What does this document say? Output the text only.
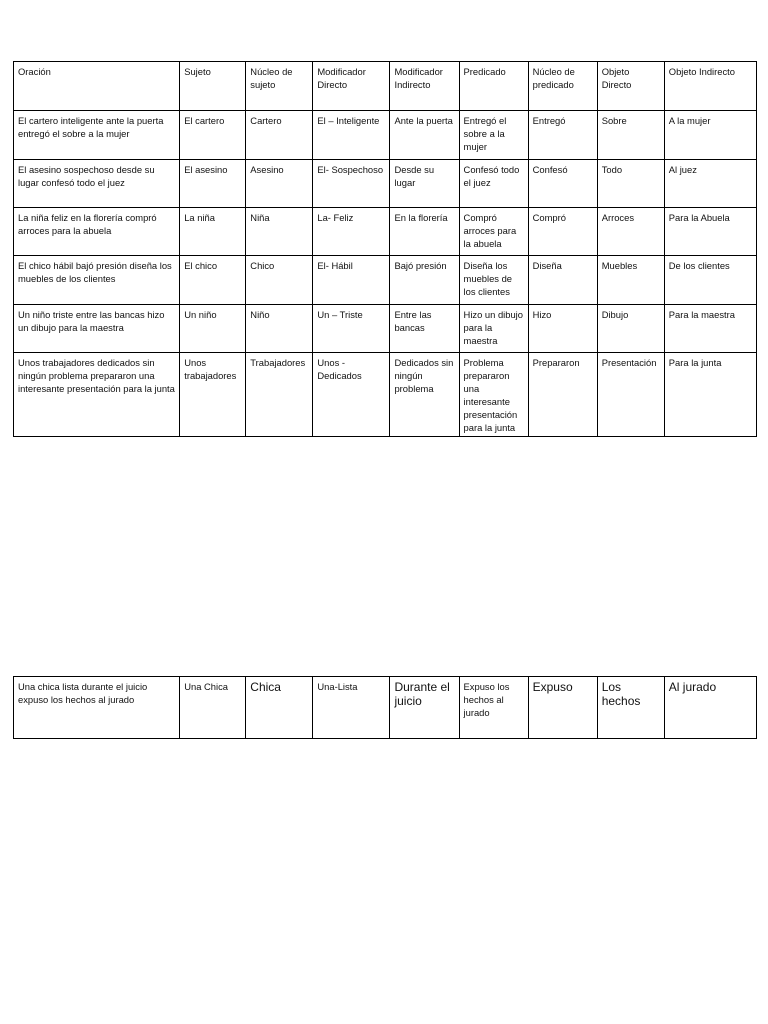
Oración	Sujeto	Núcleo de sujeto	Modificador Directo	Modificador Indirecto	Predicado	Núcleo de predicado	Objeto Directo	Objeto Indirecto
El cartero inteligente ante la puerta entregó el sobre a la mujer	El cartero	Cartero	El – Inteligente	Ante la puerta	Entregó el sobre a la mujer	Entregó	Sobre	A la mujer
El asesino sospechoso desde su lugar confesó todo el juez	El asesino	Asesino	El- Sospechoso	Desde su lugar	Confesó todo el juez	Confesó	Todo	Al juez
La niña feliz en la florería compró arroces para la abuela	La niña	Niña	La- Feliz	En la florería	Compró arroces para la abuela	Compró	Arroces	Para la Abuela
El chico hábil bajó presión diseña los muebles de los clientes	El chico	Chico	El- Hábil	Bajó presión	Diseña los muebles de los clientes	Diseña	Muebles	De los clientes
Un niño triste entre las bancas hizo un dibujo para la maestra	Un niño	Niño	Un – Triste	Entre las bancas	Hizo un dibujo para la maestra	Hizo	Dibujo	Para la maestra
Unos trabajadores dedicados sin ningún problema prepararon una interesante presentación para la junta	Unos trabajadores	Trabajadores	Unos - Dedicados	Dedicados sin ningún problema	Problema prepararon una interesante presentación para la junta	Prepararon	Presentación	Para la junta
Una chica lista durante el juicio expuso los hechos al jurado	Una Chica	Chica	Una-Lista	Durante el juicio	Expuso los hechos al jurado	Expuso	Los hechos	Al jurado
